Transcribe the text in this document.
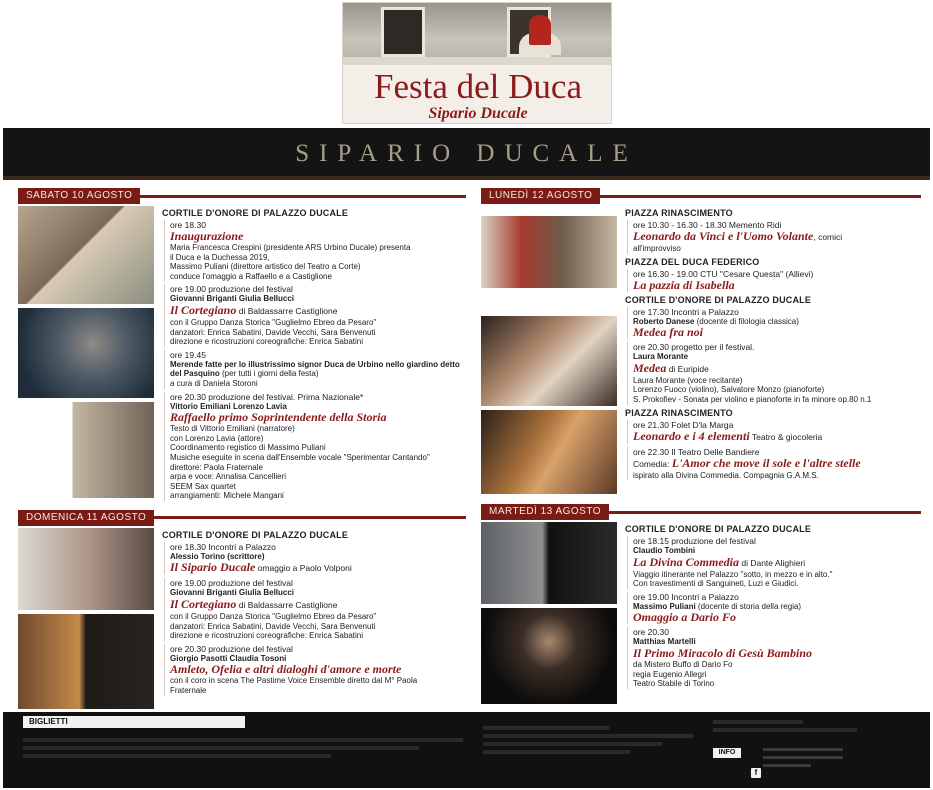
Festa del Duca
Sipario Ducale
SIPARIO DUCALE
SABATO 10 AGOSTO
CORTILE D'ONORE DI PALAZZO DUCALE
ore 18.30
Inaugurazione
Maria Francesca Crespini (presidente ARS Urbino Ducale) presenta
il Duca e la Duchessa 2019,
Massimo Puliani (direttore artistico del Teatro a Corte)
conduce l'omaggio a Raffaello e a Castiglione
ore 19.00 produzione del festival
Giovanni Briganti Giulia Bellucci
Il Cortegiano di Baldassarre Castiglione
con il Gruppo Danza Storica "Guglielmo Ebreo da Pesaro"
danzatori: Enrica Sabatini, Davide Vecchi, Sara Benvenuti
direzione e ricostruzioni coreografiche: Enrica Sabatini
ore 19.45
Merende fatte per lo illustrissimo signor Duca de Urbino nello giardino detto del Pasquino (per tutti i giorni della festa)
a cura di Daniela Storoni
ore 20.30 produzione del festival. Prima Nazionale*
Vittorio Emiliani Lorenzo Lavia
Raffaello primo Soprintendente della Storia
Testo di Vittorio Emiliani (narratore)
con Lorenzo Lavia (attore)
Coordinamento registico di Massimo Puliani
Musiche eseguite in scena dall'Ensemble vocale "Sperimentar Cantando"
direttore: Paola Fraternale
arpa e voce: Annalisa Cancellieri
SEEM Sax quartet
arrangiamenti: Michele Mangani
DOMENICA 11 AGOSTO
CORTILE D'ONORE DI PALAZZO DUCALE
ore 18.30 Incontri a Palazzo
Alessio Torino (scrittore)
Il Sipario Ducale omaggio a Paolo Volponi
ore 19.00 produzione del festival
Giovanni Briganti Giulia Bellucci
Il Cortegiano di Baldassarre Castiglione
con il Gruppo Danza Storica "Guglielmo Ebreo da Pesaro"
danzatori: Enrica Sabatini, Davide Vecchi, Sara Benvenuti
direzione e ricostruzioni coreografiche: Enrica Sabatini
ore 20.30 produzione del festival
Giorgio Pasotti Claudia Tosoni
Amleto, Ofelia e altri dialoghi d'amore e morte
con il coro in scena The Pastime Voice Ensemble diretto dal M° Paola
Fraternale
LUNEDÌ 12 AGOSTO
PIAZZA RINASCIMENTO
ore 10.30 - 16.30 - 18.30 Memento Ridi
Leonardo da Vinci e l'Uomo Volante, comici
all'improvviso
PIAZZA DEL DUCA FEDERICO
ore 16.30 - 19.00 CTU "Cesare Questa" (Allievi)
La pazzia di Isabella
CORTILE D'ONORE DI PALAZZO DUCALE
ore 17.30 Incontri a Palazzo
Roberto Danese (docente di filologia classica)
Medea fra noi
ore 20.30 progetto per il festival.
Laura Morante
Medea di Euripide
Laura Morante (voce recitante)
Lorenzo Fuoco (violino), Salvatore Monzo (pianoforte)
S. Prokofiev - Sonata per violino e pianoforte in fa minore op.80 n.1
PIAZZA RINASCIMENTO
ore 21.30 Folet D'la Marga
Leonardo e i 4 elementi Teatro & giocoleria
ore 22.30 Il Teatro Delle Bandiere
Comedia: L'Amor che move il sole e l'altre stelle
ispirato alla Divina Commedia. Compagnia G.A.M.S.
MARTEDÌ 13 AGOSTO
CORTILE D'ONORE DI PALAZZO DUCALE
ore 18.15 produzione del festival
Claudio Tombini
La Divina Commedia di Dante Alighieri
Viaggio itinerante nel Palazzo "sotto, in mezzo e in alto."
Con travestimenti di Sanguineti, Luzi e Giudici.
ore 19.00 Incontri a Palazzo
Massimo Puliani (docente di storia della regia)
Omaggio a Dario Fo
ore 20.30
Matthias Martelli
Il Primo Miracolo di Gesù Bambino
da Mistero Buffo di Dario Fo
regia Eugenio Allegri
Teatro Stabile di Torino
BIGLIETTI
INFO
f
